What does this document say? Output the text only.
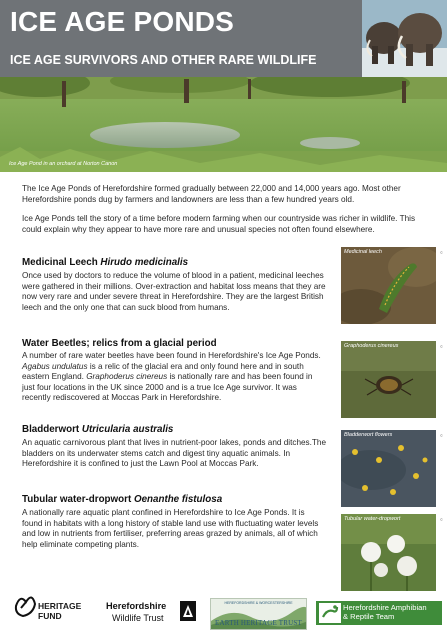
ICE AGE PONDS
ICE AGE SURVIVORS AND OTHER RARE WILDLIFE
Ice Age Pond in an orchard at Norton Canon
The Ice Age Ponds of Herefordshire formed gradually between 22,000 and 14,000 years ago. Most other Herefordshire ponds dug by farmers and landowners are less than a few hundred years old.
Ice Age Ponds tell the story of a time before modern farming when our countryside was richer in wildlife. This could explain why they appear to have more rare and unusual species not often found elsewhere.
Medicinal Leech Hirudo medicinalis
Once used by doctors to reduce the volume of blood in a patient, medicinal leeches were gathered in their millions. Over-extraction and habitat loss means that they are now very rare and under severe threat in Herefordshire. They are the largest British leech and the only one that can suck blood from humans.
Medicinal leech	©
Water Beetles; relics from a glacial period
A number of rare water beetles have been found in Herefordshire's Ice Age Ponds. Agabus undulatus is a relic of the glacial era and only found here and in south eastern England. Graphoderus cinereus is nationally rare and has been found in just four locations in the UK since 2000 and is a true Ice Age survivor. It was recently rediscovered at Moccas Park in Herefordshire.
Graphoderus cinereus	©
Bladderwort Utricularia australis
An aquatic carnivorous plant that lives in nutrient-poor lakes, ponds and ditches.The bladders on its underwater stems catch and digest tiny aquatic animals. In Herefordshire it is confined to just the Lawn Pool at Moccas Park.
Bladderwort flowers	©
Tubular water-dropwort Oenanthe fistulosa
A nationally rare aquatic plant confined in Herefordshire to Ice Age Ponds. It is found in habitats with a long history of stable land use with fluctuating water levels and low in nutrients from fertiliser, preferring areas grazed by animals, all of which help eliminate competing plants.
Tubular water-dropwort	©
HERITAGE
FUND
Herefordshire
Wildlife Trust
HEREFORDSHIRE & WORCESTERSHIRE
EARTH HERITAGE TRUST
Herefordshire Amphibian
& Reptile Team
